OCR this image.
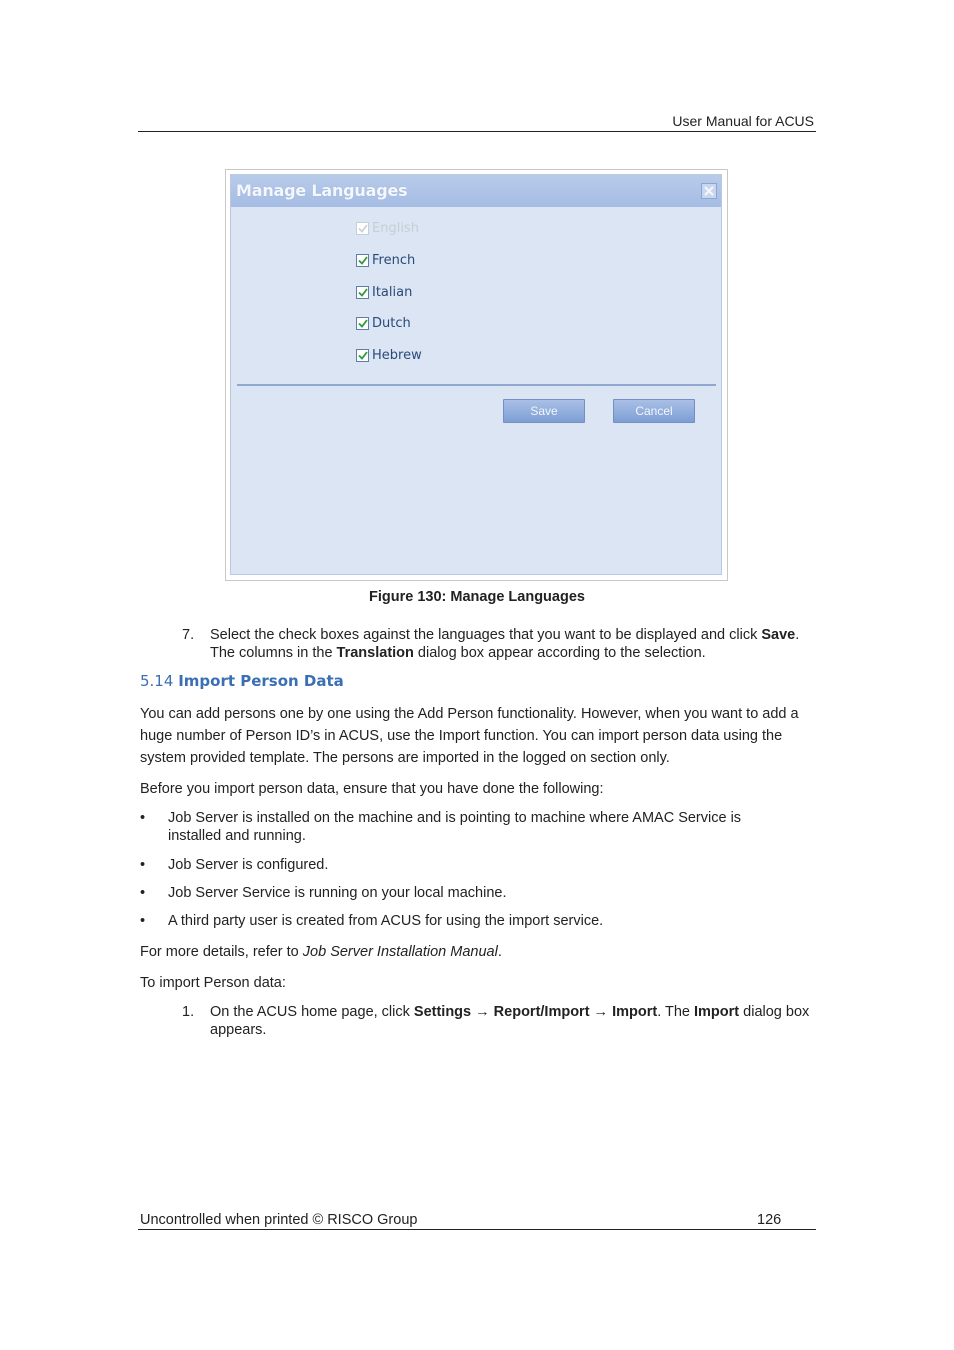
User Manual for ACUS
Manage Languages
English
French
Italian
Dutch
Hebrew
Save	Cancel
Figure 130: Manage Languages
7. Select the check boxes against the languages that you want to be displayed and click Save. The columns in the Translation dialog box appear according to the selection.
5.14 Import Person Data
You can add persons one by one using the Add Person functionality. However, when you want to add a huge number of Person ID’s in ACUS, use the Import function. You can import person data using the system provided template. The persons are imported in the logged on section only.
Before you import person data, ensure that you have done the following:
• Job Server is installed on the machine and is pointing to machine where AMAC Service is installed and running.
• Job Server is configured.
• Job Server Service is running on your local machine.
• A third party user is created from ACUS for using the import service.
For more details, refer to Job Server Installation Manual.
To import Person data:
1. On the ACUS home page, click Settings → Report/Import → Import. The Import dialog box appears.
Uncontrolled when printed © RISCO Group	126
